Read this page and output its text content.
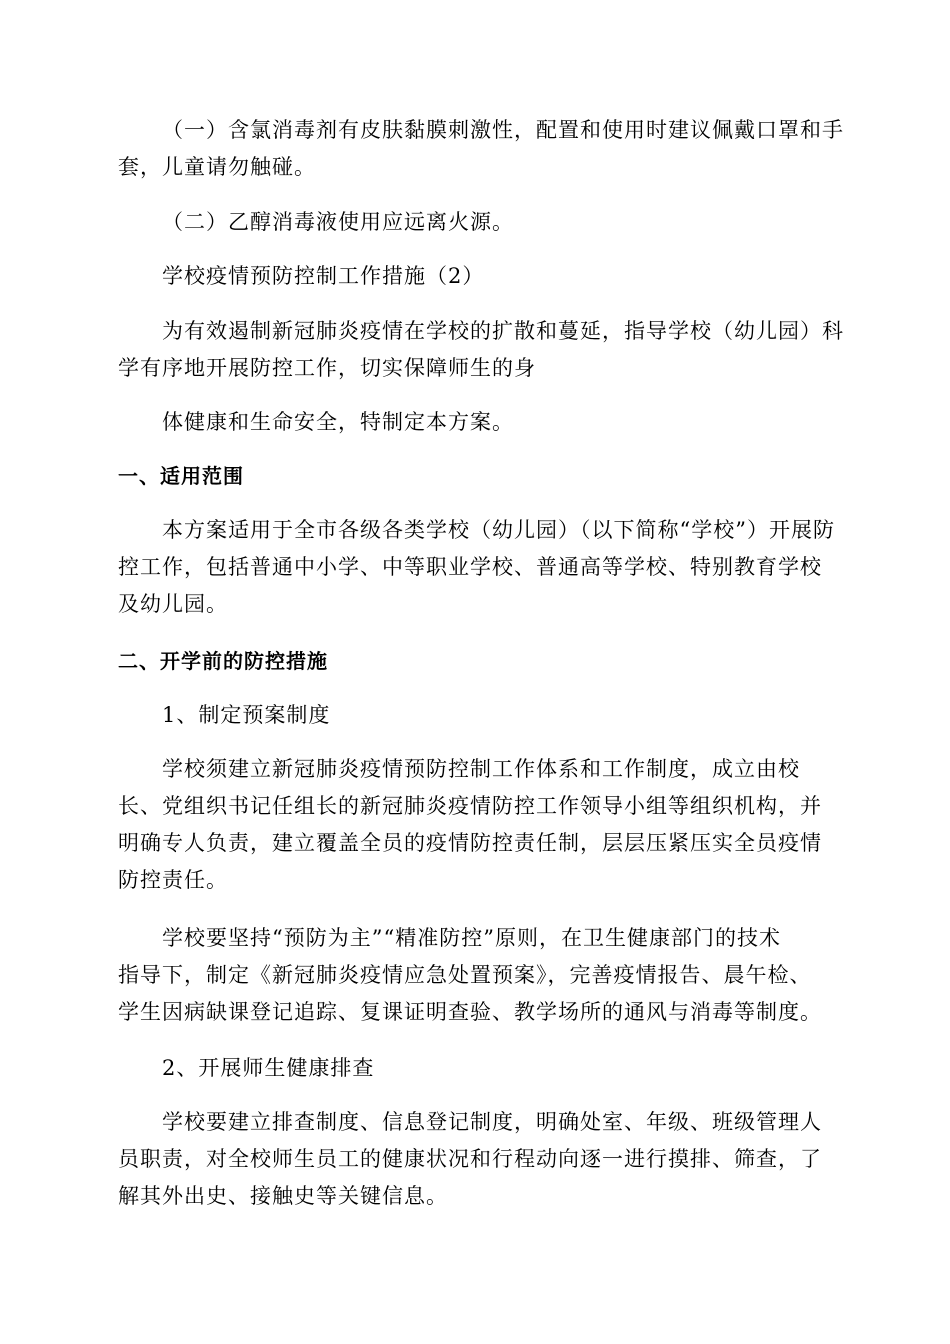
（一）含氯消毒剂有皮肤黏膜刺激性，配置和使用时建议佩戴口罩和手
套，儿童请勿触碰。

（二）乙醇消毒液使用应远离火源。

学校疫情预防控制工作措施（2）

为有效遏制新冠肺炎疫情在学校的扩散和蔓延，指导学校（幼儿园）科
学有序地开展防控工作，切实保障师生的身

体健康和生命安全，特制定本方案。

一、适用范围

本方案适用于全市各级各类学校（幼儿园）（以下简称“学校”）开展防
控工作，包括普通中小学、中等职业学校、普通高等学校、特别教育学校
及幼儿园。

二、开学前的防控措施

1、制定预案制度

学校须建立新冠肺炎疫情预防控制工作体系和工作制度，成立由校
长、党组织书记任组长的新冠肺炎疫情防控工作领导小组等组织机构，并
明确专人负责，建立覆盖全员的疫情防控责任制，层层压紧压实全员疫情
防控责任。

学校要坚持“预防为主”“精准防控”原则，在卫生健康部门的技术
指导下，制定《新冠肺炎疫情应急处置预案》，完善疫情报告、晨午检、
学生因病缺课登记追踪、复课证明查验、教学场所的通风与消毒等制度。

2、开展师生健康排查

学校要建立排查制度、信息登记制度，明确处室、年级、班级管理人
员职责，对全校师生员工的健康状况和行程动向逐一进行摸排、筛查，了
解其外出史、接触史等关键信息。
